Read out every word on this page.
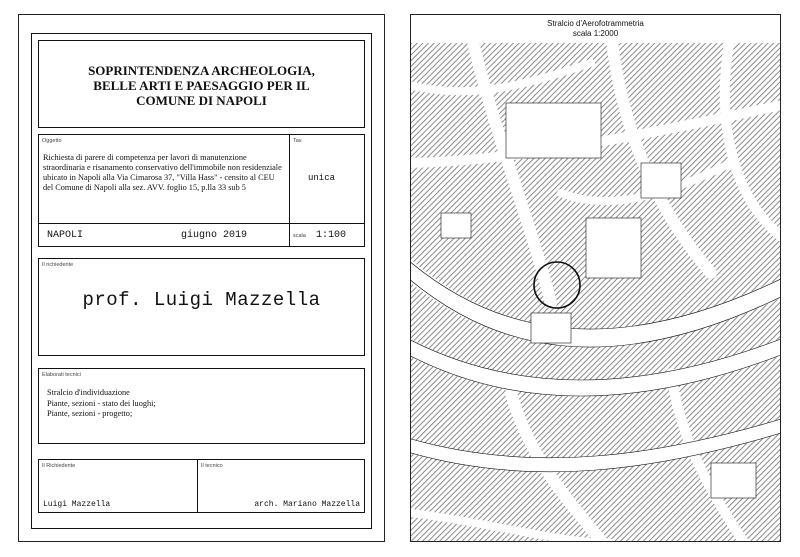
SOPRINTENDENZA ARCHEOLOGIA,
BELLE ARTI E PAESAGGIO PER IL
COMUNE DI NAPOLI
Oggetto
Richiesta di parere di competenza per lavori di manutenzione straordinaria e risanamento conservativo dell'immobile non residenziale ubicato in Napoli alla Via Cimarosa 37, "Villa Hass" - censito al CEU del Comune di Napoli alla sez. AVV. foglio 15, p.lla 33 sub 5
Tav.
unica
NAPOLI	giugno 2019	scala 1:100
Il richiedente
prof. Luigi Mazzella
Elaborati tecnici
Stralcio d'individuazione
Piante, sezioni - stato dei luoghi;
Piante, sezioni - progetto;
Il Richiedente
Luigi Mazzella
Il tecnico
arch. Mariano Mazzella
Stralcio d'Aerofotrammetria
scala 1:2000
